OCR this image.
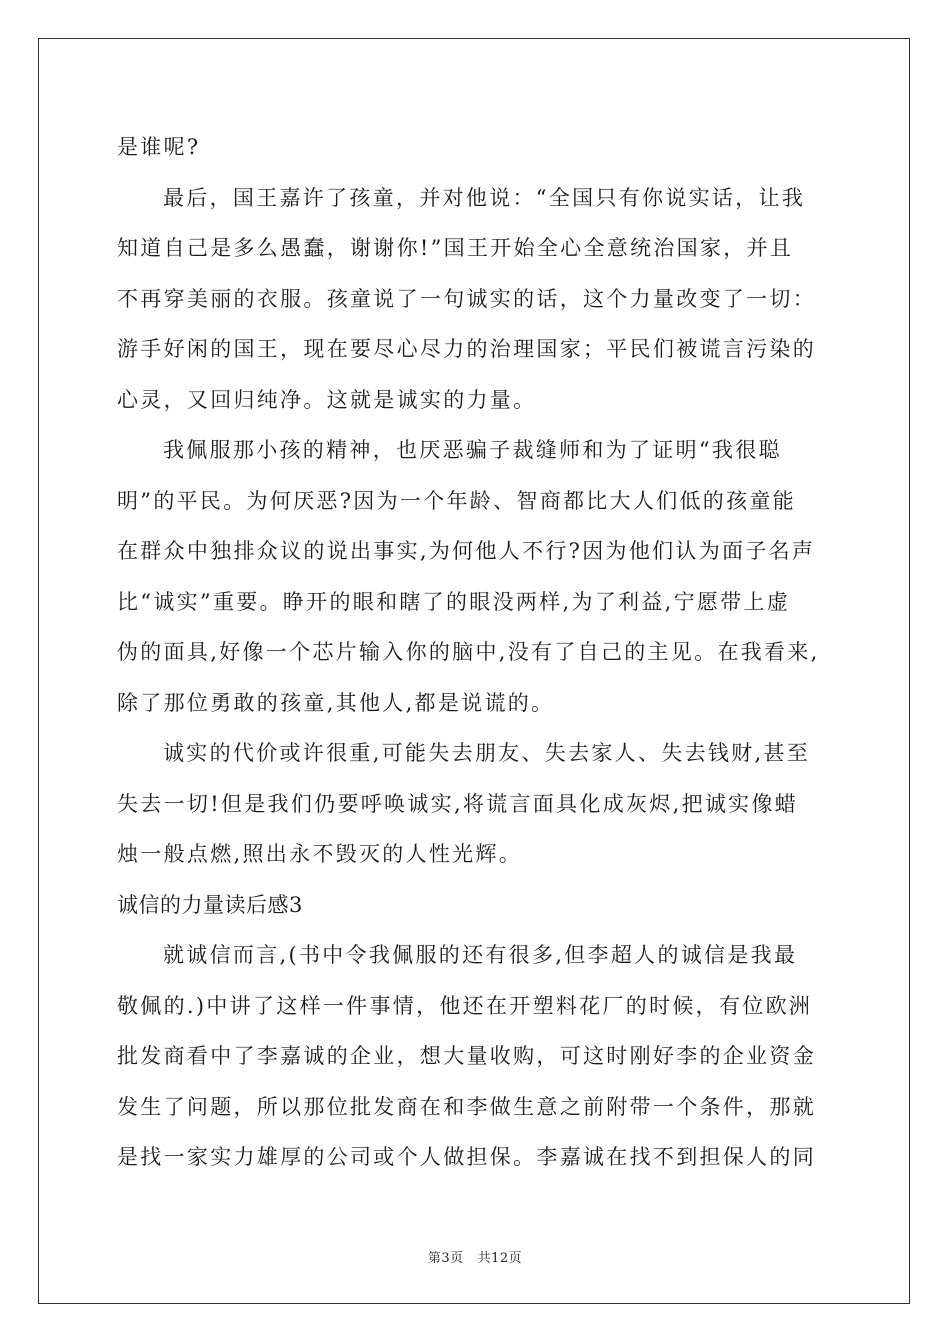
是谁呢?
最后，国王嘉许了孩童，并对他说：“全国只有你说实话，让我
知道自己是多么愚蠢，谢谢你!”国王开始全心全意统治国家，并且
不再穿美丽的衣服。孩童说了一句诚实的话，这个力量改变了一切：
游手好闲的国王，现在要尽心尽力的治理国家；平民们被谎言污染的
心灵，又回归纯净。这就是诚实的力量。
我佩服那小孩的精神，也厌恶骗子裁缝师和为了证明“我很聪
明”的平民。为何厌恶?因为一个年龄、智商都比大人们低的孩童能
在群众中独排众议的说出事实,为何他人不行?因为他们认为面子名声
比“诚实”重要。睁开的眼和瞎了的眼没两样,为了利益,宁愿带上虚
伪的面具,好像一个芯片输入你的脑中,没有了自己的主见。在我看来,
除了那位勇敢的孩童,其他人,都是说谎的。
诚实的代价或许很重,可能失去朋友、失去家人、失去钱财,甚至
失去一切!但是我们仍要呼唤诚实,将谎言面具化成灰烬,把诚实像蜡
烛一般点燃,照出永不毁灭的人性光辉。
诚信的力量读后感3
就诚信而言,(书中令我佩服的还有很多,但李超人的诚信是我最
敬佩的.)中讲了这样一件事情，他还在开塑料花厂的时候，有位欧洲
批发商看中了李嘉诚的企业，想大量收购，可这时刚好李的企业资金
发生了问题，所以那位批发商在和李做生意之前附带一个条件，那就
是找一家实力雄厚的公司或个人做担保。李嘉诚在找不到担保人的同
第3页 共12页
